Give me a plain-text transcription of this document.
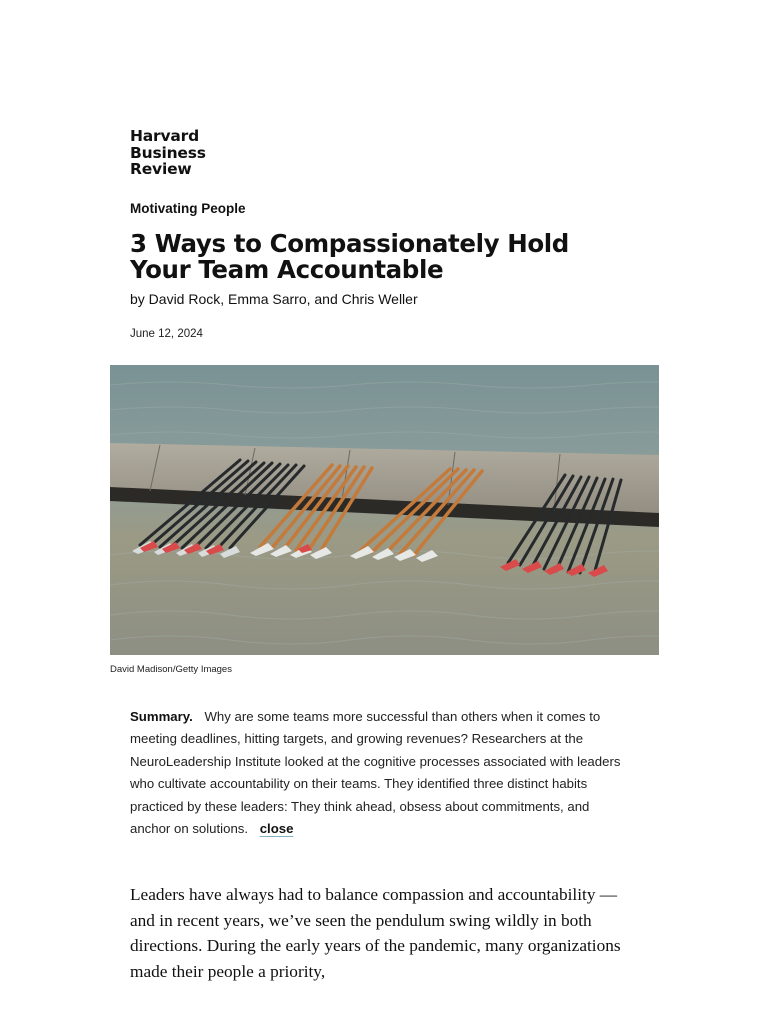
Harvard
Business
Review
Motivating People
3 Ways to Compassionately Hold Your Team Accountable
by David Rock, Emma Sarro, and Chris Weller
June 12, 2024
David Madison/Getty Images

Summary. Why are some teams more successful than others when it comes to meeting deadlines, hitting targets, and growing revenues? Researchers at the NeuroLeadership Institute looked at the cognitive processes associated with leaders who cultivate accountability on their teams. They identified three distinct habits practiced by these leaders: They think ahead, obsess about commitments, and anchor on solutions. close

Leaders have always had to balance compassion and accountability — and in recent years, we’ve seen the pendulum swing wildly in both directions. During the early years of the pandemic, many organizations made their people a priority,
